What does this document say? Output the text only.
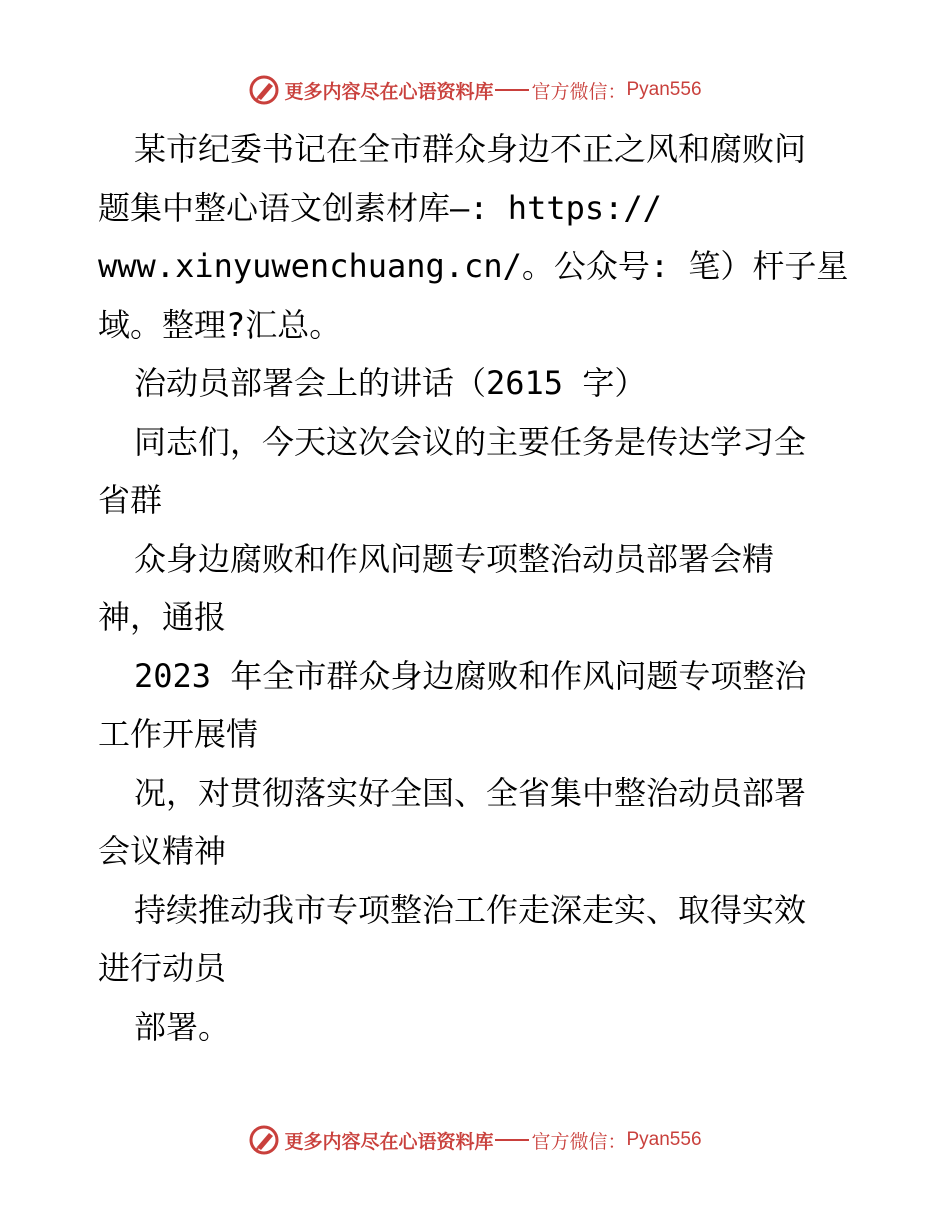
更多内容尽在心语资料库 官方微信： Pyan556
某市纪委书记在全市群众身边不正之风和腐败问
题集中整心语文创素材库—: https://
www.xinyuwenchuang.cn/。公众号: 笔）杆子星
域。整理?汇总。
治动员部署会上的讲话（2615 字）
同志们，今天这次会议的主要任务是传达学习全
省群
众身边腐败和作风问题专项整治动员部署会精
神，通报
2023 年全市群众身边腐败和作风问题专项整治
工作开展情
况，对贯彻落实好全国、全省集中整治动员部署
会议精神
持续推动我市专项整治工作走深走实、取得实效
进行动员
部署。
更多内容尽在心语资料库 官方微信： Pyan556
